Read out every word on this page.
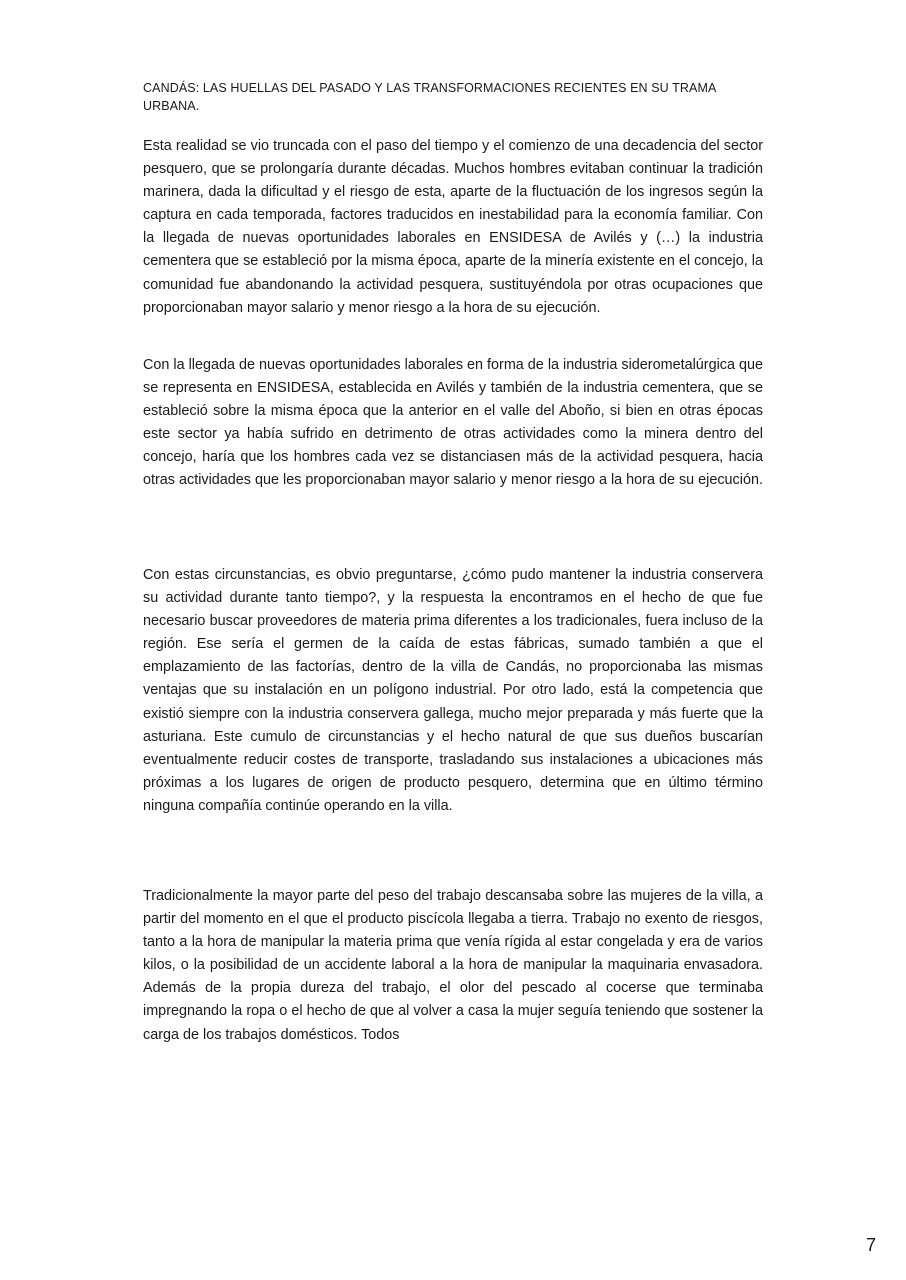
CANDÁS: LAS HUELLAS DEL PASADO Y LAS TRANSFORMACIONES RECIENTES EN SU TRAMA URBANA.

Esta realidad se vio truncada con el paso del tiempo y el comienzo de una decadencia del sector pesquero, que se prolongaría durante décadas. Muchos hombres evitaban continuar la tradición marinera, dada la dificultad y el riesgo de esta, aparte de la fluctuación de los ingresos según la captura en cada temporada, factores traducidos en inestabilidad para la economía familiar. Con la llegada de nuevas oportunidades laborales en ENSIDESA de Avilés y (…) la industria cementera que se estableció por la misma época, aparte de la minería existente en el concejo, la comunidad fue abandonando la actividad pesquera, sustituyéndola por otras ocupaciones que proporcionaban mayor salario y menor riesgo a la hora de su ejecución.

Con la llegada de nuevas oportunidades laborales en forma de la industria siderometalúrgica que se representa en ENSIDESA, establecida en Avilés y también de la industria cementera, que se estableció sobre la misma época que la anterior en el valle del Aboño, si bien en otras épocas este sector ya había sufrido en detrimento de otras actividades como la minera dentro del concejo, haría que los hombres cada vez se distanciasen más de la actividad pesquera, hacia otras actividades que les proporcionaban mayor salario y menor riesgo a la hora de su ejecución.

Con estas circunstancias, es obvio preguntarse, ¿cómo pudo mantener la industria conservera su actividad durante tanto tiempo?, y la respuesta la encontramos en el hecho de que fue necesario buscar proveedores de materia prima diferentes a los tradicionales, fuera incluso de la región. Ese sería el germen de la caída de estas fábricas, sumado también a que el emplazamiento de las factorías, dentro de la villa de Candás, no proporcionaba las mismas ventajas que su instalación en un polígono industrial. Por otro lado, está la competencia que existió siempre con la industria conservera gallega, mucho mejor preparada y más fuerte que la asturiana. Este cumulo de circunstancias y el hecho natural de que sus dueños buscarían eventualmente reducir costes de transporte, trasladando sus instalaciones a ubicaciones más próximas a los lugares de origen de producto pesquero, determina que en último término ninguna compañía continúe operando en la villa.

Tradicionalmente la mayor parte del peso del trabajo descansaba sobre las mujeres de la villa, a partir del momento en el que el producto piscícola llegaba a tierra. Trabajo no exento de riesgos, tanto a la hora de manipular la materia prima que venía rígida al estar congelada y era de varios kilos, o la posibilidad de un accidente laboral a la hora de manipular la maquinaria envasadora. Además de la propia dureza del trabajo, el olor del pescado al cocerse que terminaba impregnando la ropa o el hecho de que al volver a casa la mujer seguía teniendo que sostener la carga de los trabajos domésticos. Todos

7
